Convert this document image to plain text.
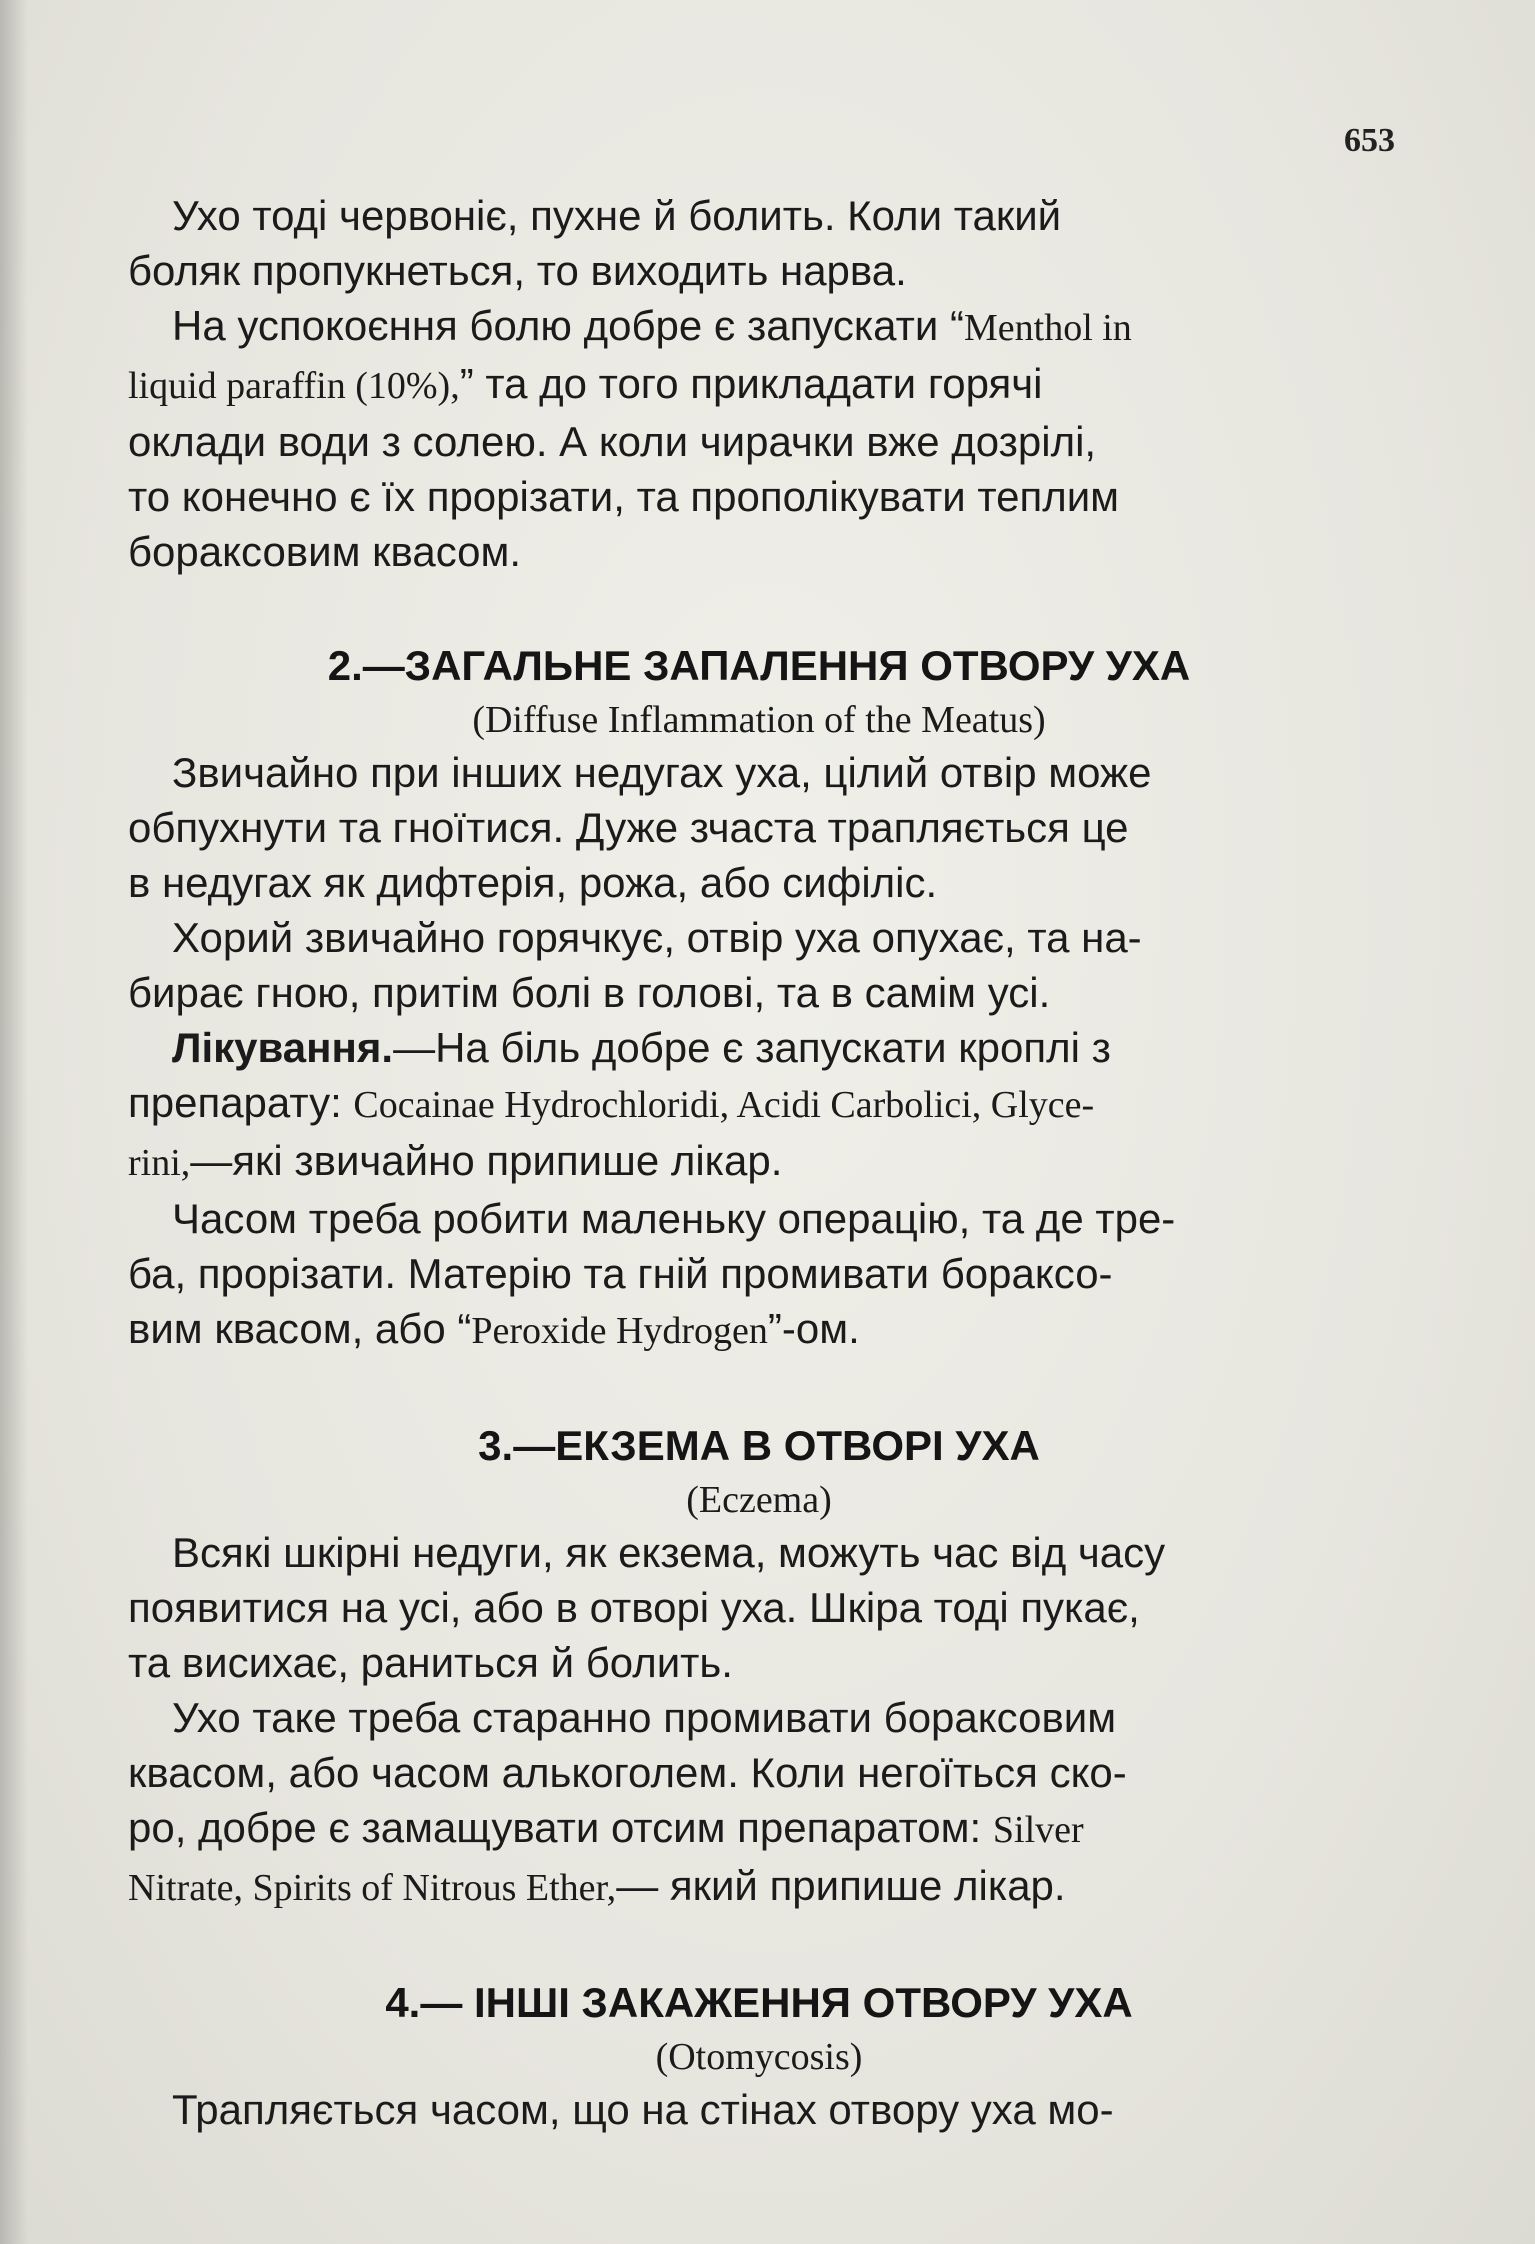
653
Ухо тоді червоніє, пухне й болить. Коли такий
боляк пропукнеться, то виходить нарва.
На успокоєння болю добре є запускати “Menthol in
liquid paraffin (10%),” та до того прикладати горячі
оклади води з солею. А коли чирачки вже дозрілі,
то конечно є їх прорізати, та прополікувати теплим
бораксовим квасом.
2.—ЗАГАЛЬНЕ ЗАПАЛЕННЯ ОТВОРУ УХА

(Diffuse Inflammation of the Meatus)

Звичайно при інших недугах уха, цілий отвір може
обпухнути та гноїтися. Дуже зчаста трапляється це
в недугах як дифтерія, рожа, або сифіліс.
Хорий звичайно горячкує, отвір уха опухає, та на-
бирає гною, притім болі в голові, та в самім усі.
Лікування.—На біль добре є запускати кроплі з
препарату: Cocainae Hydrochloridi, Acidi Carbolici, Glyce-
rini,—які звичайно припише лікар.
Часом треба робити маленьку операцію, та де тре-
ба, прорізати. Матерію та гній промивати бораксо-
вим квасом, або “Peroxide Hydrogen”-ом.
3.—ЕКЗЕМА В ОТВОРІ УХА

(Eczema)

Всякі шкірні недуги, як екзема, можуть час від часу
появитися на усі, або в отворі уха. Шкіра тоді пукає,
та висихає, раниться й болить.
Ухо таке треба старанно промивати бораксовим
квасом, або часом алькоголем. Коли негоїться ско-
ро, добре є замащувати отсим препаратом: Silver
Nitrate, Spirits of Nitrous Ether,— який припише лікар.
4.— ІНШІ ЗАКАЖЕННЯ ОТВОРУ УХА

(Otomycosis)

Трапляється часом, що на стінах отвору уха мо-
